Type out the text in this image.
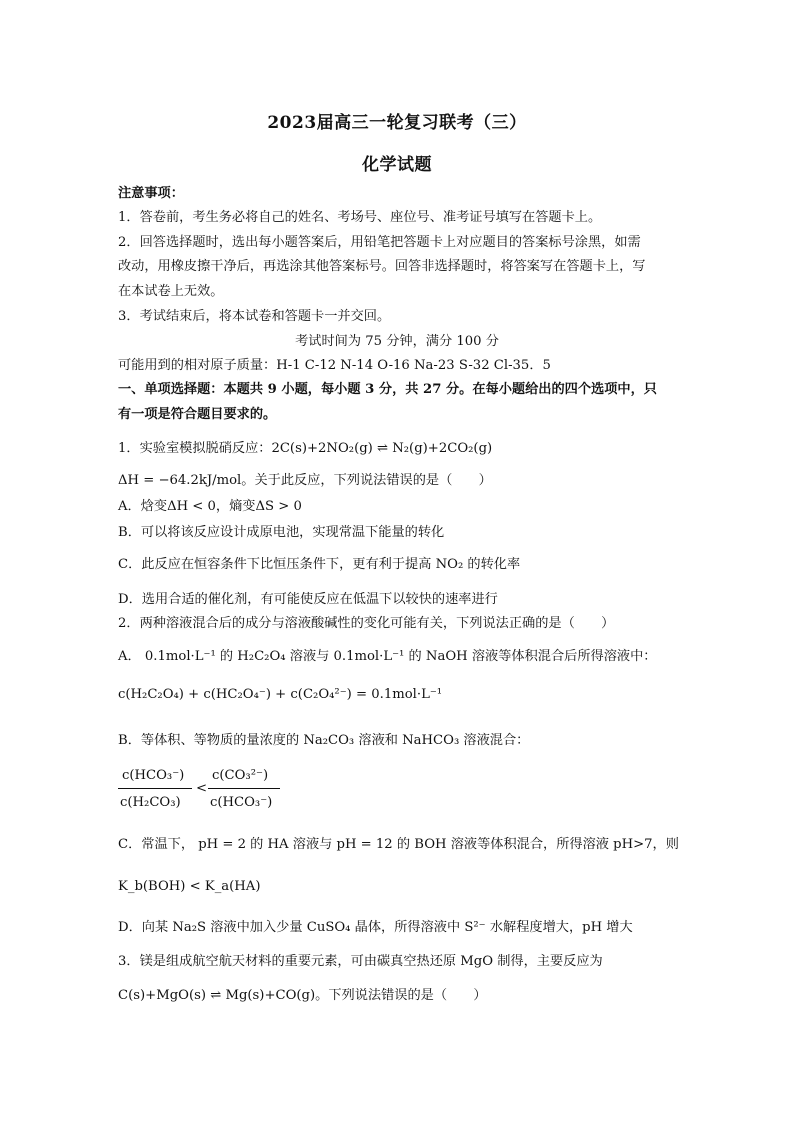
2023届高三一轮复习联考（三）
化学试题
注意事项：
1．答卷前，考生务必将自己的姓名、考场号、座位号、准考证号填写在答题卡上。
2．回答选择题时，选出每小题答案后，用铅笔把答题卡上对应题目的答案标号涂黑，如需
改动，用橡皮擦干净后，再选涂其他答案标号。回答非选择题时，将答案写在答题卡上，写
在本试卷上无效。
3．考试结束后，将本试卷和答题卡一并交回。
考试时间为 75 分钟，满分 100 分
可能用到的相对原子质量：H-1 C-12 N-14 O-16 Na-23 S-32 Cl-35．5
一、单项选择题：本题共 9 小题，每小题 3 分，共 27 分。在每小题给出的四个选项中，只
有一项是符合题目要求的。
1．实验室模拟脱硝反应：2C(s)+2NO₂(g) ⇌ N₂(g)+2CO₂(g)
ΔH = −64.2kJ/mol。关于此反应，下列说法错误的是（　　）
A．焓变ΔH < 0，熵变ΔS > 0
B．可以将该反应设计成原电池，实现常温下能量的转化
C．此反应在恒容条件下比恒压条件下，更有利于提高 NO₂ 的转化率
D．选用合适的催化剂，有可能使反应在低温下以较快的速率进行
2．两种溶液混合后的成分与溶液酸碱性的变化可能有关，下列说法正确的是（　　）
A． 0.1mol·L⁻¹ 的 H₂C₂O₄ 溶液与 0.1mol·L⁻¹ 的 NaOH 溶液等体积混合后所得溶液中：
c(H₂C₂O₄) + c(HC₂O₄⁻) + c(C₂O₄²⁻) = 0.1mol·L⁻¹
B．等体积、等物质的量浓度的 Na₂CO₃ 溶液和 NaHCO₃ 溶液混合：
c(HCO₃⁻)
c(H₂CO₃)
<
c(CO₃²⁻)
c(HCO₃⁻)
C．常温下， pH = 2 的 HA 溶液与 pH = 12 的 BOH 溶液等体积混合，所得溶液 pH>7，则
K_b(BOH) < K_a(HA)
D．向某 Na₂S 溶液中加入少量 CuSO₄ 晶体，所得溶液中 S²⁻ 水解程度增大，pH 增大
3．镁是组成航空航天材料的重要元素，可由碳真空热还原 MgO 制得，主要反应为
C(s)+MgO(s) ⇌ Mg(s)+CO(g)。下列说法错误的是（　　）
